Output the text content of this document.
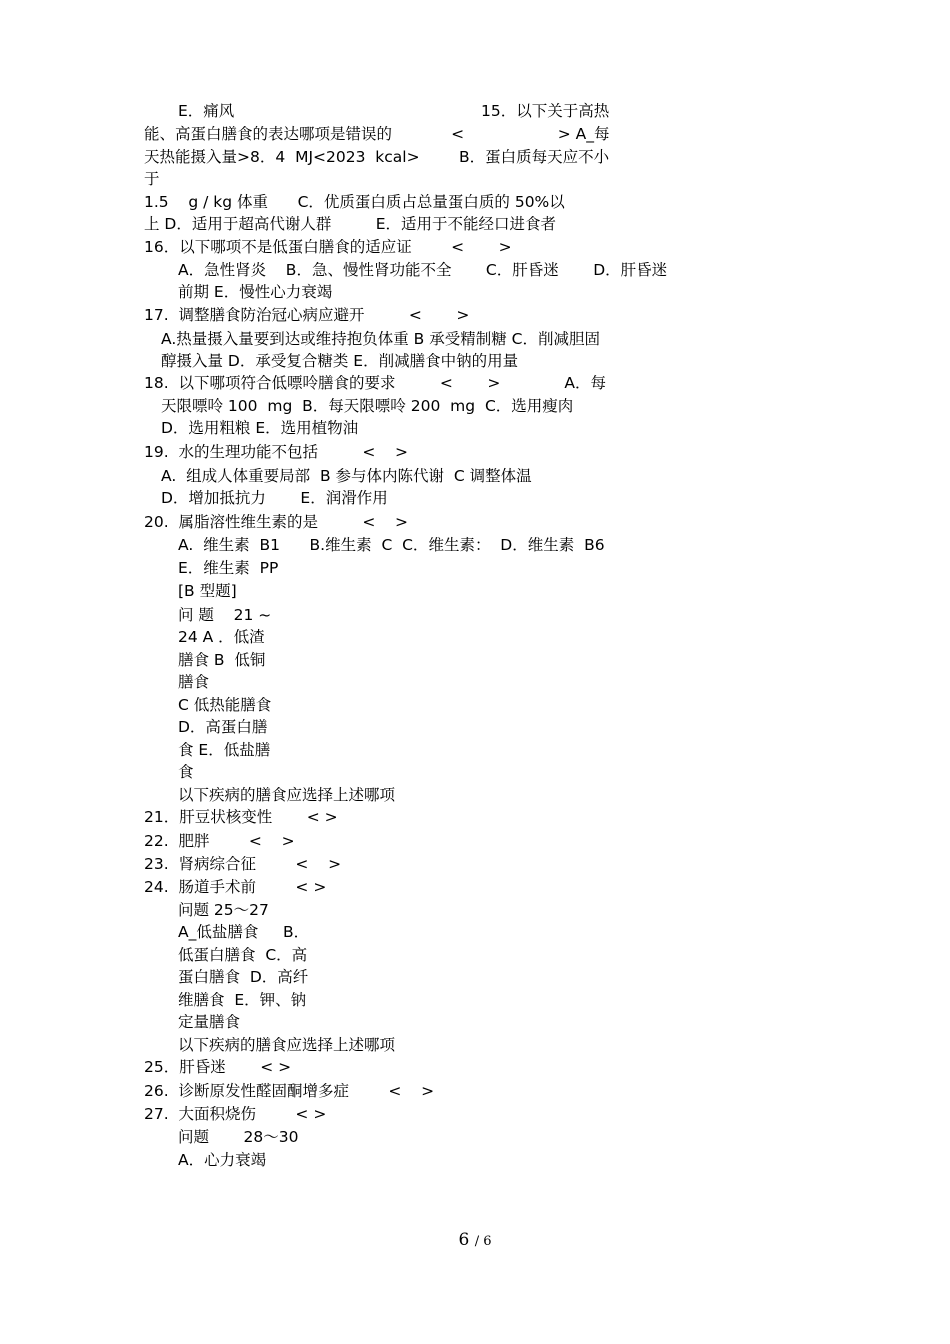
E．痛风	15．以下关于高热
能、高蛋白膳食的表达哪项是错误的            <                   > A_每
天热能摄入量>8．4  MJ<2023  kcal>        B．蛋白质每天应不小
于
1.5    g / kg 体重      C．优质蛋白质占总量蛋白质的 50%以
上 D．适用于超高代谢人群         E．适用于不能经口进食者
16．以下哪项不是低蛋白膳食的适应证        <       >
A．急性肾炎    B．急、慢性肾功能不全       C．肝昏迷       D．肝昏迷
前期 E．慢性心力衰竭
17.  调整膳食防治冠心病应避开         <       >
A.热量摄入量要到达或维持抱负体重 B 承受精制糖 C．削减胆固
醇摄入量 D．承受复合糖类 E．削减膳食中钠的用量
18.  以下哪项符合低嘌呤膳食的要求         <       >             A．每
天限嘌呤 100  mg  B．每天限嘌呤 200  mg  C．选用瘦肉
D．选用粗粮 E．选用植物油
19.  水的生理功能不包括         <    >
A.  组成人体重要局部  B 参与体内陈代谢  C 调整体温
D．增加抵抗力       E．润滑作用
20.  属脂溶性维生素的是         <    >
A.  维生素  B1      B.维生素  C  C．维生素：  D．维生素  B6
E．维生素  PP
[B 型题]
问 题    21 ~
24 A ．低渣
膳食 B  低铜
膳食
C 低热能膳食
D．高蛋白膳
食 E．低盐膳
食
以下疾病的膳食应选择上述哪项
21．肝豆状核变性       < >
22.  肥胖        <    >
23.  肾病综合征        <    >
24.  肠道手术前        < >
问题 25～27
A_低盐膳食     B．
低蛋白膳食  C．高
蛋白膳食  D．高纤
维膳食  E．钾、钠
定量膳食
以下疾病的膳食应选择上述哪项
25．肝昏迷       < >
26.  诊断原发性醛固酮增多症        <    >
27.  大面积烧伤        < >
问题       28～30
A．心力衰竭
6 / 6
